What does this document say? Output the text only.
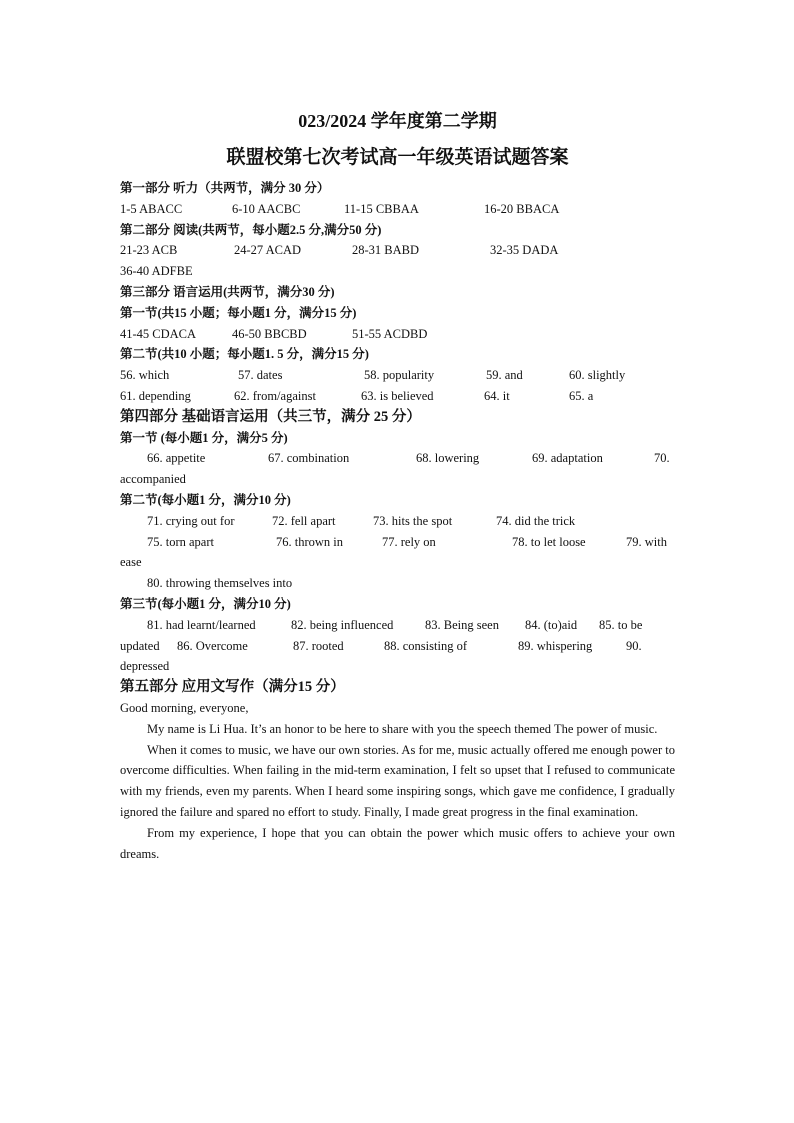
023/2024 学年度第二学期
联盟校第七次考试高一年级英语试题答案
第一部分 听力（共两节，满分 30 分）
1-5 ABACC	6-10 AACBC	11-15 CBBAA	16-20 BBACA
第二部分 阅读(共两节，每小题2.5 分,满分50 分)
21-23 ACB	24-27 ACAD	28-31 BABD	32-35 DADA
36-40 ADFBE
第三部分 语言运用(共两节，满分30 分)
第一节(共15 小题；每小题1 分，满分15 分)
41-45 CDACA	46-50 BBCBD	51-55 ACDBD
第二节(共10 小题；每小题1. 5 分，满分15 分)
56. which	57. dates	58. popularity	59. and	60. slightly
61. depending	62. from/against	63. is believed	64. it	65. a
第四部分 基础语言运用（共三节，满分 25 分）
第一节 (每小题1 分，满分5 分)
66. appetite	67. combination	68. lowering	69. adaptation	70.
accompanied
第二节(每小题1 分，满分10 分)
71. crying out for	72. fell apart	73. hits the spot	74. did the trick
75. torn apart	76. thrown in	77. rely on	78. to let loose	79. with
ease
80. throwing themselves into
第三节(每小题1 分，满分10 分)
81. had learnt/learned	82. being influenced	83. Being seen 84. (to)aid 85. to be
updated 86. Overcome	87. rooted	88. consisting of	89. whispering	90.
depressed
第五部分 应用文写作（满分15 分）
Good morning, everyone,
My name is Li Hua. It’s an honor to be here to share with you the speech themed The power of music.
When it comes to music, we have our own stories. As for me, music actually offered me enough power to overcome difficulties. When failing in the mid-term examination, I felt so upset that I refused to communicate with my friends, even my parents. When I heard some inspiring songs, which gave me confidence, I gradually ignored the failure and spared no effort to study. Finally, I made great progress in the final examination.
From my experience, I hope that you can obtain the power which music offers to achieve your own dreams.
